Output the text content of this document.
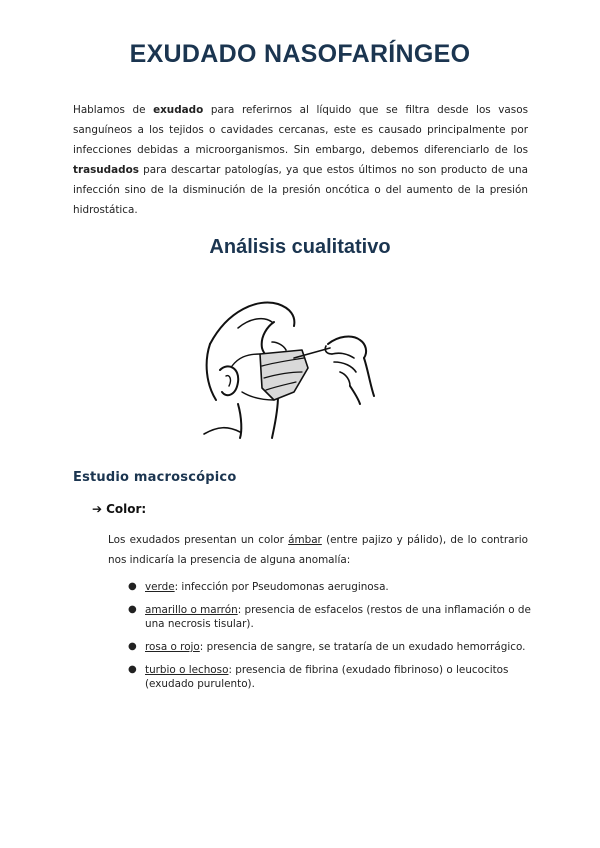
EXUDADO NASOFARÍNGEO

Hablamos de exudado para referirnos al líquido que se filtra desde los vasos sanguíneos a los tejidos o cavidades cercanas, este es causado principalmente por infecciones debidas a microorganismos. Sin embargo, debemos diferenciarlo de los trasudados para descartar patologías, ya que estos últimos no son producto de una infección sino de la disminución de la presión oncótica o del aumento de la presión hidrostática.

Análisis cualitativo
Estudio macroscópico

➔ Color:

Los exudados presentan un color ámbar (entre pajizo y pálido), de lo contrario nos indicaría la presencia de alguna anomalía:

● verde: infección por Pseudomonas aeruginosa.
● amarillo o marrón: presencia de esfacelos (restos de una inflamación o de una necrosis tisular).
● rosa o rojo: presencia de sangre, se trataría de un exudado hemorrágico.
● turbio o lechoso: presencia de fibrina (exudado fibrinoso) o leucocitos (exudado purulento).
